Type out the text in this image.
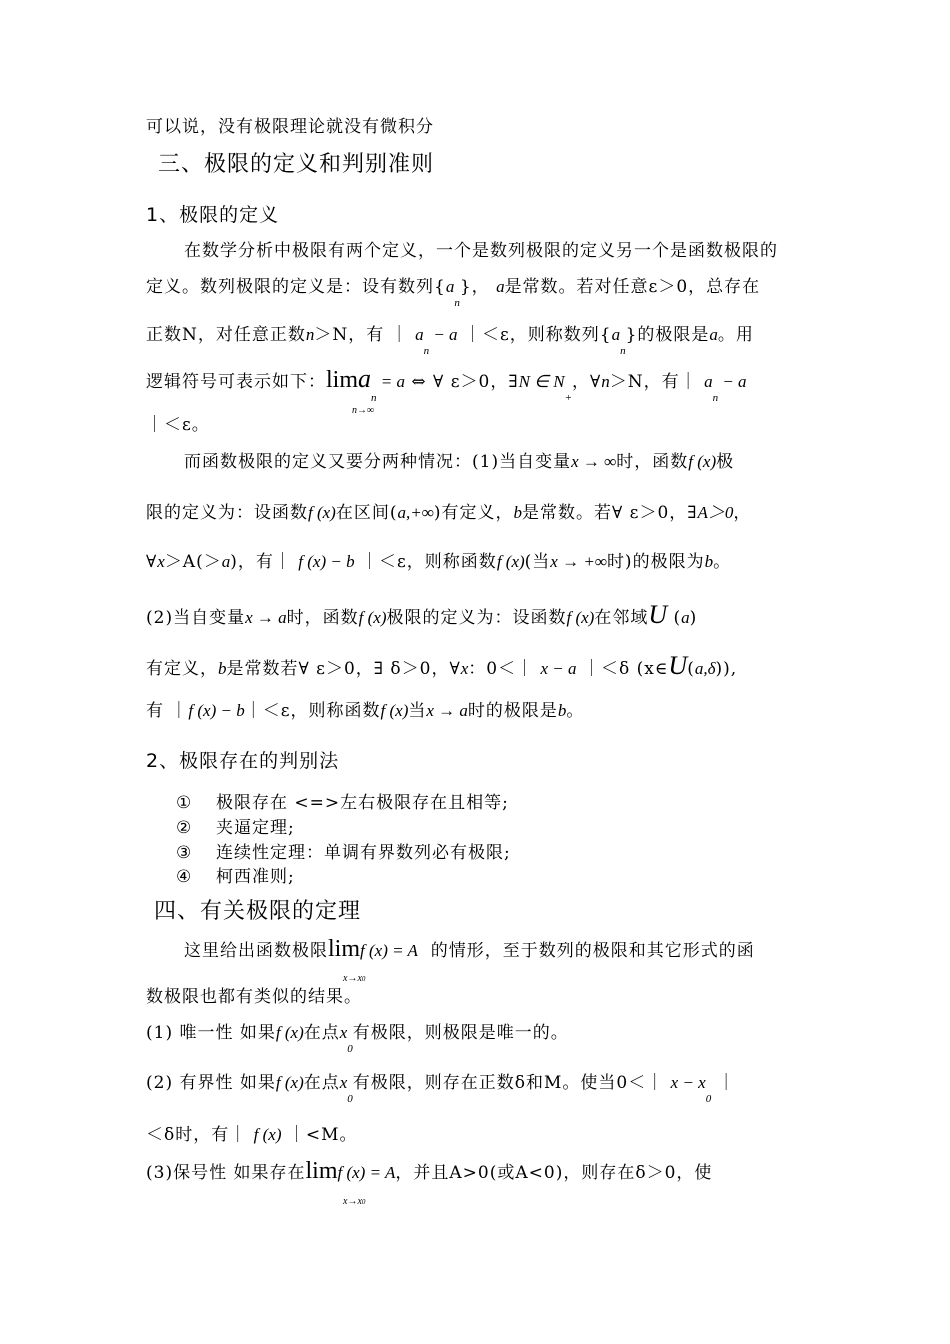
可以说，没有极限理论就没有微积分
三、极限的定义和判别准则
1、极限的定义
在数学分析中极限有两个定义，一个是数列极限的定义另一个是函数极限的
定义。数列极限的定义是：设有数列$\{a_n\}$， a是常数。若对任意ε＞0，总存在
正数N，对任意正数n＞N，有 ｜ $a_n - a$ ｜＜ε，则称数列$\{a_n\}$的极限是a。用
逻辑符号可表示如下：lima$_n$ = a ⇔ ∀ ε＞0，∃N ∈ $N_+$，∀n＞N，有｜ $a_n - a$
n→∞
｜＜ε。
而函数极限的定义又要分两种情况：(1)当自变量x → ∞时，函数f (x)极
限的定义为：设函数f (x)在区间(a,+∞)有定义，b是常数。若∀ ε＞0，∃A＞0，
∀x＞A(＞a)，有｜ f (x) − b ｜＜ε，则称函数f (x)(当x → +∞时)的极限为b。
(2)当自变量x → a时，函数f (x)极限的定义为：设函数f (x)在邻域U (a)
有定义，b是常数若∀ ε＞0，∃ δ＞0，∀x：0＜｜ x − a ｜＜δ (x∈U(a,δ)),
有 ｜f (x) − b｜＜ε，则称函数f (x)当x → a时的极限是b。
2、极限存在的判别法
① 极限存在 <=>左右极限存在且相等;
② 夹逼定理;
③ 连续性定理：单调有界数列必有极限;
④ 柯西准则;
四、有关极限的定理
这里给出函数极限limf (x) = A 的情形，至于数列的极限和其它形式的函
x→x0
数极限也都有类似的结果。
(1) 唯一性 如果f (x)在点$x_0$有极限，则极限是唯一的。
(2) 有界性 如果f (x)在点$x_0$有极限，则存在正数δ和M。使当0＜｜ $x - x_0$ ｜
＜δ时，有｜ f (x) ｜<M。
(3)保号性 如果存在limf (x) = A，并且A>0(或A<0)，则存在δ＞0，使
x→x0
